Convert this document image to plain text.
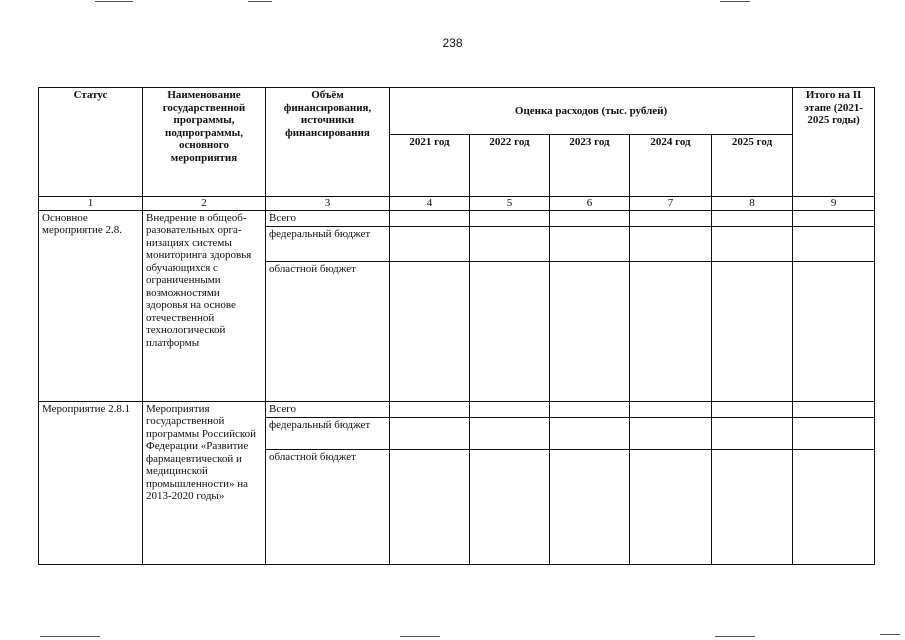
238
Статус	Наименование государственной программы, подпрограммы, основного мероприятия	Объём финансирования, источники финансирования	Оценка расходов (тыс. рублей)					Итого на II этапе (2021-2025 годы)
			2021 год	2022 год	2023 год	2024 год	2025 год	
1	2	3	4	5	6	7	8	9
Основное мероприятие 2.8.	Внедрение в общеоб-разовательных орга-низациях системы мониторинга здоровья обучающихся с ограниченными возможностями здоровья на основе отечественной технологической платформы	Всего						
		федеральный бюджет						
		областной бюджет						
Мероприятие 2.8.1	Мероприятия государственной программы Российской Федерации «Развитие фармацевтической и медицинской промышленности» на 2013-2020 годы»	Всего						
		федеральный бюджет						
		областной бюджет						
